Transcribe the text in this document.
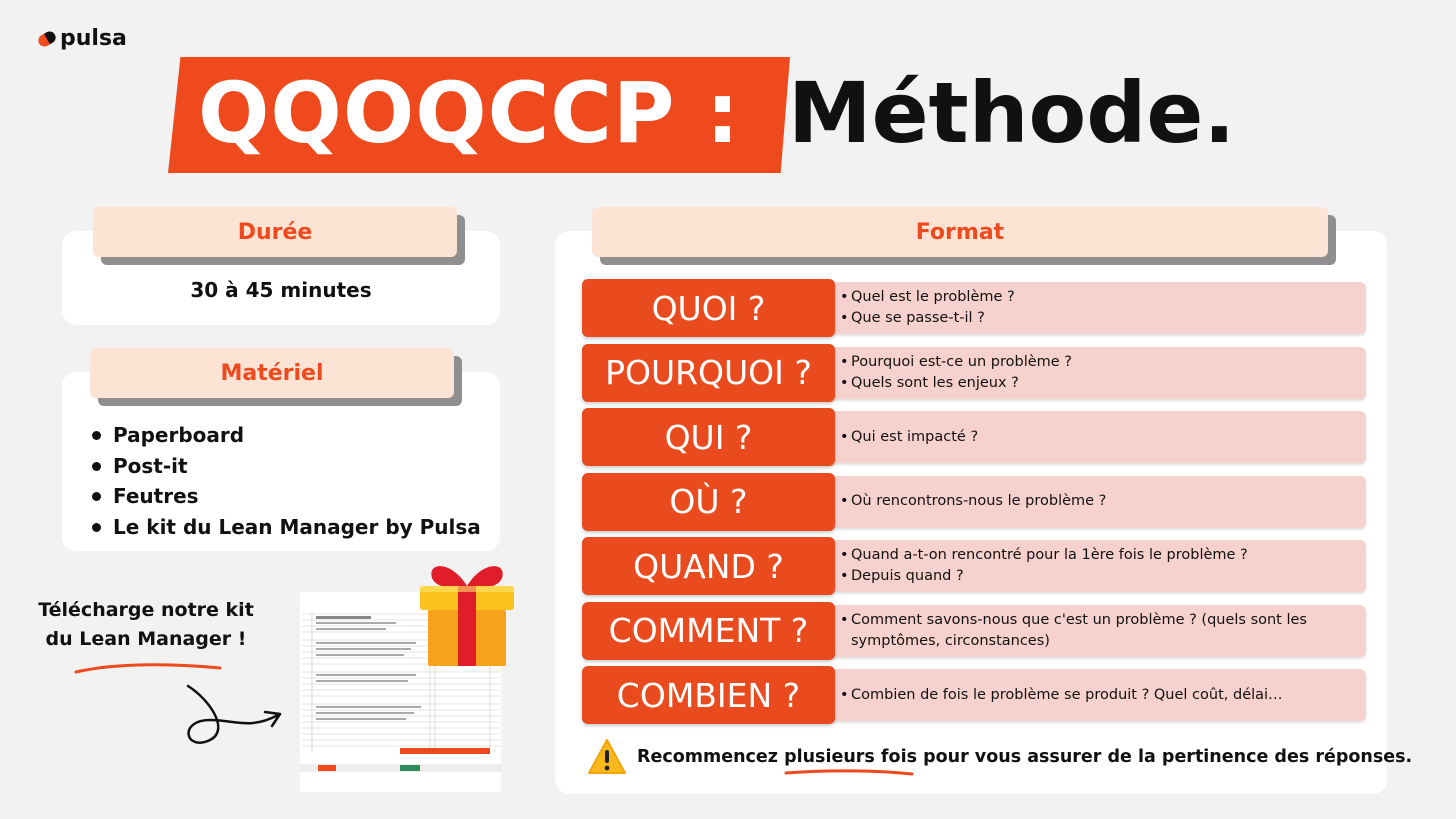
pulsa
QQOQCCP : Méthode.
Durée
30 à 45 minutes
Matériel
Paperboard
Post-it
Feutres
Le kit du Lean Manager by Pulsa
Télécharge notre kit
du Lean Manager !
Format
• Quel est le problème ?
• Que se passe-t-il ?
QUOI ?
• Pourquoi est-ce un problème ?
• Quels sont les enjeux ?
POURQUOI ?
• Qui est impacté ?
QUI ?
• Où rencontrons-nous le problème ?
OÙ ?
• Quand a-t-on rencontré pour la 1ère fois le problème ?
• Depuis quand ?
QUAND ?
• Comment savons-nous que c'est un problème ? (quels sont les
symptômes, circonstances)
COMMENT ?
• Combien de fois le problème se produit ? Quel coût, délai…
COMBIEN ?
Recommencez plusieurs fois
pour vous assurer de la pertinence des réponses.
